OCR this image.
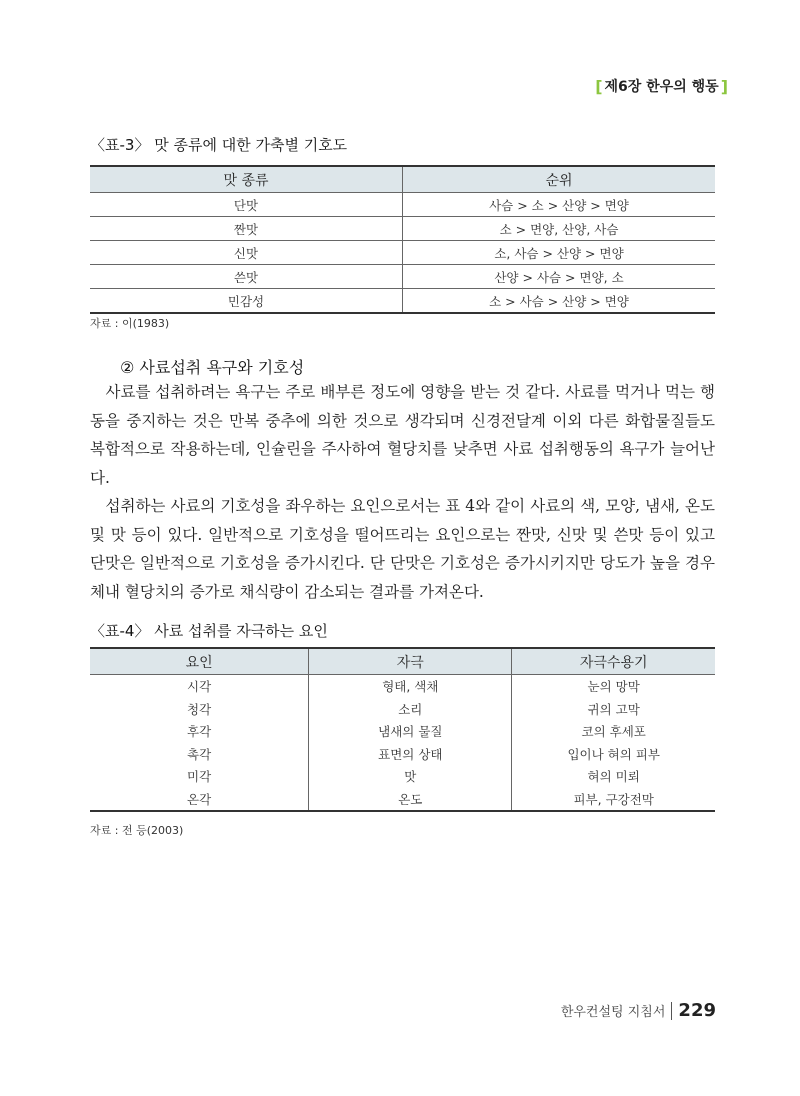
[ 제6장 한우의 행동 ]
〈표-3〉 맛 종류에 대한 가축별 기호도
맛 종류	순위
단맛	사슴 > 소 > 산양 > 면양
짠맛	소 > 면양, 산양, 사슴
신맛	소, 사슴 > 산양 > 면양
쓴맛	산양 > 사슴 > 면양, 소
민감성	소 > 사슴 > 산양 > 면양
자료 : 이(1983)
② 사료섭취 욕구와 기호성

사료를 섭취하려는 욕구는 주로 배부른 정도에 영향을 받는 것 같다. 사료를 먹거나 먹는 행동을 중지하는 것은 만복 중추에 의한 것으로 생각되며 신경전달계 이외 다른 화합물질들도 복합적으로 작용하는데, 인슐린을 주사하여 혈당치를 낮추면 사료 섭취행동의 욕구가 늘어난다.

섭취하는 사료의 기호성을 좌우하는 요인으로서는 표 4와 같이 사료의 색, 모양, 냄새, 온도 및 맛 등이 있다. 일반적으로 기호성을 떨어뜨리는 요인으로는 짠맛, 신맛 및 쓴맛 등이 있고 단맛은 일반적으로 기호성을 증가시킨다. 단 단맛은 기호성은 증가시키지만 당도가 높을 경우 체내 혈당치의 증가로 채식량이 감소되는 결과를 가져온다.

〈표-4〉 사료 섭취를 자극하는 요인
요인	자극	자극수용기
시각	형태, 색채	눈의 망막
청각	소리	귀의 고막
후각	냄새의 물질	코의 후세포
촉각	표면의 상태	입이나 혀의 피부
미각	맛	혀의 미뢰
온각	온도	피부, 구강전막
자료 : 전 등(2003)
한우컨설팅 지침서 229
